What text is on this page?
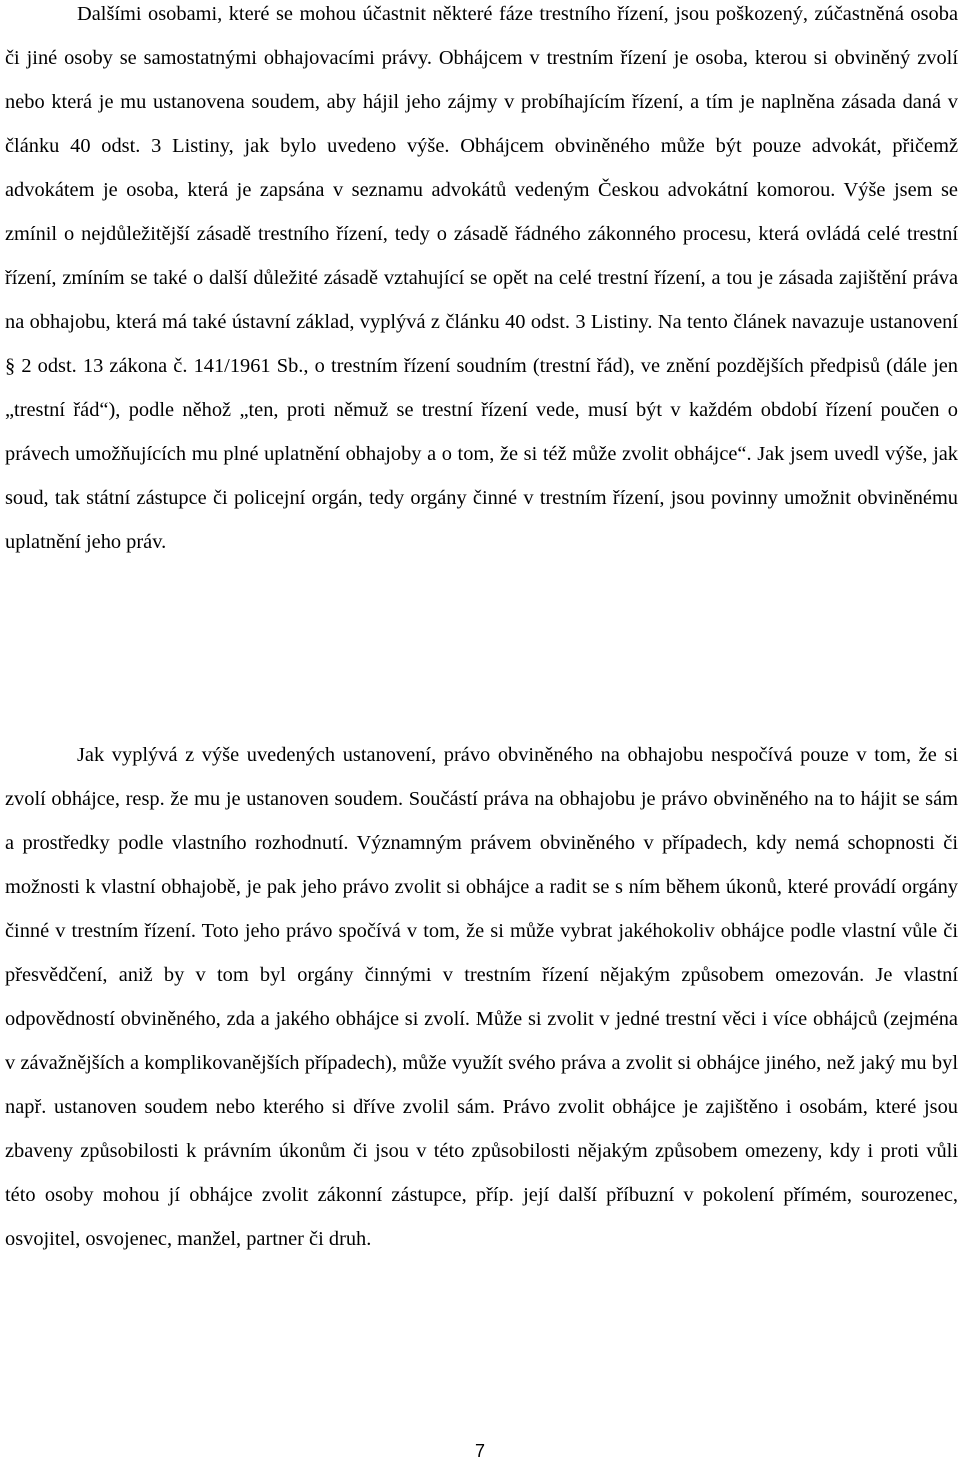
Dalšími osobami, které se mohou účastnit některé fáze trestního řízení, jsou poškozený, zúčastněná osoba či jiné osoby se samostatnými obhajovacími právy. Obhájcem v trestním řízení je osoba, kterou si obviněný zvolí nebo která je mu ustanovena soudem, aby hájil jeho zájmy v probíhajícím řízení, a tím je naplněna zásada daná v článku 40 odst. 3 Listiny, jak bylo uvedeno výše. Obhájcem obviněného může být pouze advokát, přičemž advokátem je osoba, která je zapsána v seznamu advokátů vedeným Českou advokátní komorou. Výše jsem se zmínil o nejdůležitější zásadě trestního řízení, tedy o zásadě řádného zákonného procesu, která ovládá celé trestní řízení, zmíním se také o další důležité zásadě vztahující se opět na celé trestní řízení, a tou je zásada zajištění práva na obhajobu, která má také ústavní základ, vyplývá z článku 40 odst. 3 Listiny. Na tento článek navazuje ustanovení § 2 odst. 13 zákona č. 141/1961 Sb., o trestním řízení soudním (trestní řád), ve znění pozdějších předpisů (dále jen „trestní řád“), podle něhož „ten, proti němuž se trestní řízení vede, musí být v každém období řízení poučen o právech umožňujících mu plné uplatnění obhajoby a o tom, že si též může zvolit obhájce“. Jak jsem uvedl výše, jak soud, tak státní zástupce či policejní orgán, tedy orgány činné v trestním řízení, jsou povinny umožnit obviněnému uplatnění jeho práv.

Jak vyplývá z výše uvedených ustanovení, právo obviněného na obhajobu nespočívá pouze v tom, že si zvolí obhájce, resp. že mu je ustanoven soudem. Součástí práva na obhajobu je právo obviněného na to hájit se sám a prostředky podle vlastního rozhodnutí. Významným právem obviněného v případech, kdy nemá schopnosti či možnosti k vlastní obhajobě, je pak jeho právo zvolit si obhájce a radit se s ním během úkonů, které provádí orgány činné v trestním řízení. Toto jeho právo spočívá v tom, že si může vybrat jakéhokoliv obhájce podle vlastní vůle či přesvědčení, aniž by v tom byl orgány činnými v trestním řízení nějakým způsobem omezován. Je vlastní odpovědností obviněného, zda a jakého obhájce si zvolí. Může si zvolit v jedné trestní věci i více obhájců (zejména v závažnějších a komplikovanějších případech), může využít svého práva a zvolit si obhájce jiného, než jaký mu byl např. ustanoven soudem nebo kterého si dříve zvolil sám. Právo zvolit obhájce je zajištěno i osobám, které jsou zbaveny způsobilosti k právním úkonům či jsou v této způsobilosti nějakým způsobem omezeny, kdy i proti vůli této osoby mohou jí obhájce zvolit zákonní zástupce, příp. její další příbuzní v pokolení přímém, sourozenec, osvojitel, osvojenec, manžel, partner či druh.

7
